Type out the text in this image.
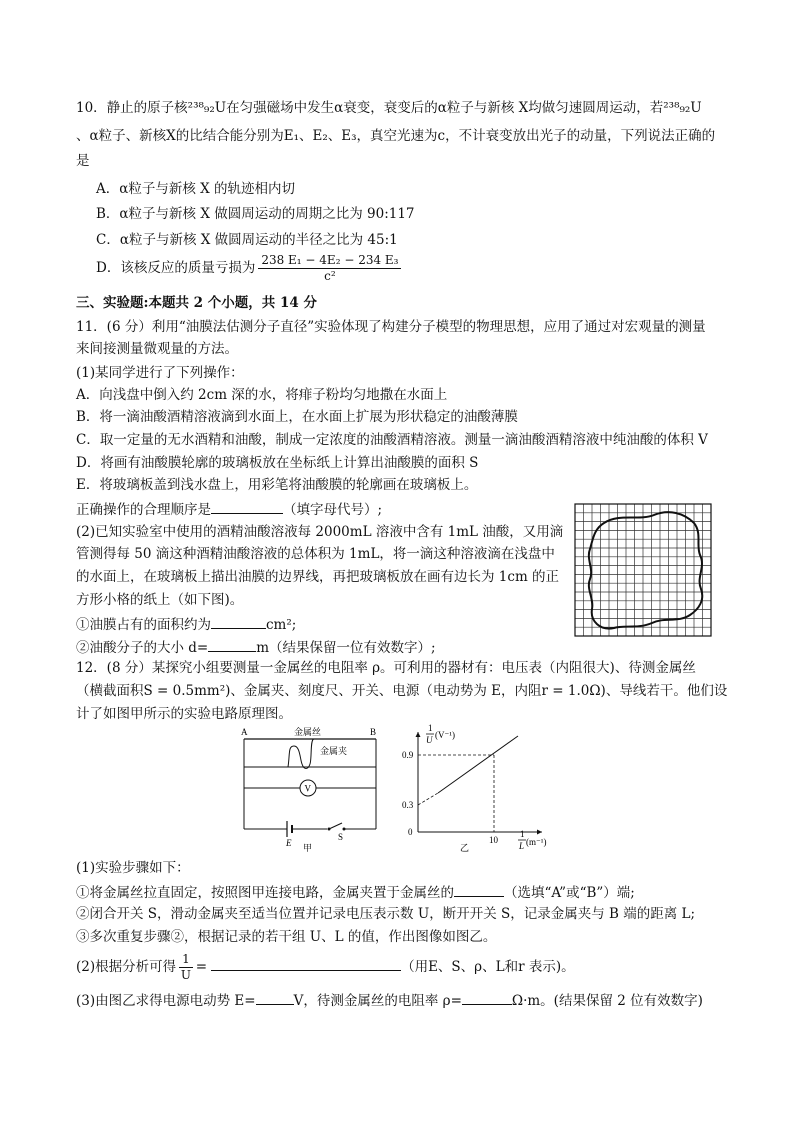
10．静止的原子核²³⁸₉₂U在匀强磁场中发生α衰变，衰变后的α粒子与新核 X均做匀速圆周运动，若²³⁸₉₂U
、α粒子、新核X的比结合能分别为E₁、E₂、E₃，真空光速为c，不计衰变放出光子的动量，下列说法正确的
是
A．α粒子与新核 X 的轨迹相内切
B．α粒子与新核 X 做圆周运动的周期之比为 90:117
C．α粒子与新核 X 做圆周运动的半径之比为 45:1
D．该核反应的质量亏损为 $\frac{\text{238 E₁ − 4E₂ − 234 E₃}}{\text{c²}}$
三、实验题:本题共 2 个小题，共 14 分
11．(6 分）利用“油膜法估测分子直径”实验体现了构建分子模型的物理思想，应用了通过对宏观量的测量
来间接测量微观量的方法。
(1)某同学进行了下列操作：
A．向浅盘中倒入约 2cm 深的水，将痱子粉均匀地撒在水面上
B．将一滴油酸酒精溶液滴到水面上，在水面上扩展为形状稳定的油酸薄膜
C．取一定量的无水酒精和油酸，制成一定浓度的油酸酒精溶液。测量一滴油酸酒精溶液中纯油酸的体积 V
D．将画有油酸膜轮廓的玻璃板放在坐标纸上计算出油酸膜的面积 S
E．将玻璃板盖到浅水盘上，用彩笔将油酸膜的轮廓画在玻璃板上。
正确操作的合理顺序是	（填字母代号）;
(2)已知实验室中使用的酒精油酸溶液每 2000mL 溶液中含有 1mL 油酸，又用滴
管测得每 50 滴这种酒精油酸溶液的总体积为 1mL，将一滴这种溶液滴在浅盘中
的水面上，在玻璃板上描出油膜的边界线，再把玻璃板放在画有边长为 1cm 的正
方形小格的纸上（如下图)。
①油膜占有的面积约为	cm²;
②油酸分子的大小 d=	m（结果保留一位有效数字）;
12．(8 分）某探究小组要测量一金属丝的电阻率 ρ。可利用的器材有：电压表（内阻很大)、待测金属丝
（横截面积S = 0.5mm²)、金属夹、刻度尺、开关、电源（电动势为 E，内阻r = 1.0Ω)、导线若干。他们设
计了如图甲所示的实验电路原理图。
A	B
金属丝
金属夹
V
E
S
甲
1
U (V⁻¹)
1
L (m⁻¹)
0.9
0.3
0
10
乙
(1)实验步骤如下：
①将金属丝拉直固定，按照图甲连接电路，金属夹置于金属丝的	（选填“A”或“B”）端;
②闭合开关 S，滑动金属夹至适当位置并记录电压表示数 U，断开开关 S，记录金属夹与 B 端的距离 L;
③多次重复步骤②，根据记录的若干组 U、L 的值，作出图像如图乙。
(2)根据分析可得 $\frac{1}{U}$ =	（用E、S、ρ、L和r 表示)。
(3)由图乙求得电源电动势 E=	V，待测金属丝的电阻率 ρ=	Ω·m。(结果保留 2 位有效数字)
